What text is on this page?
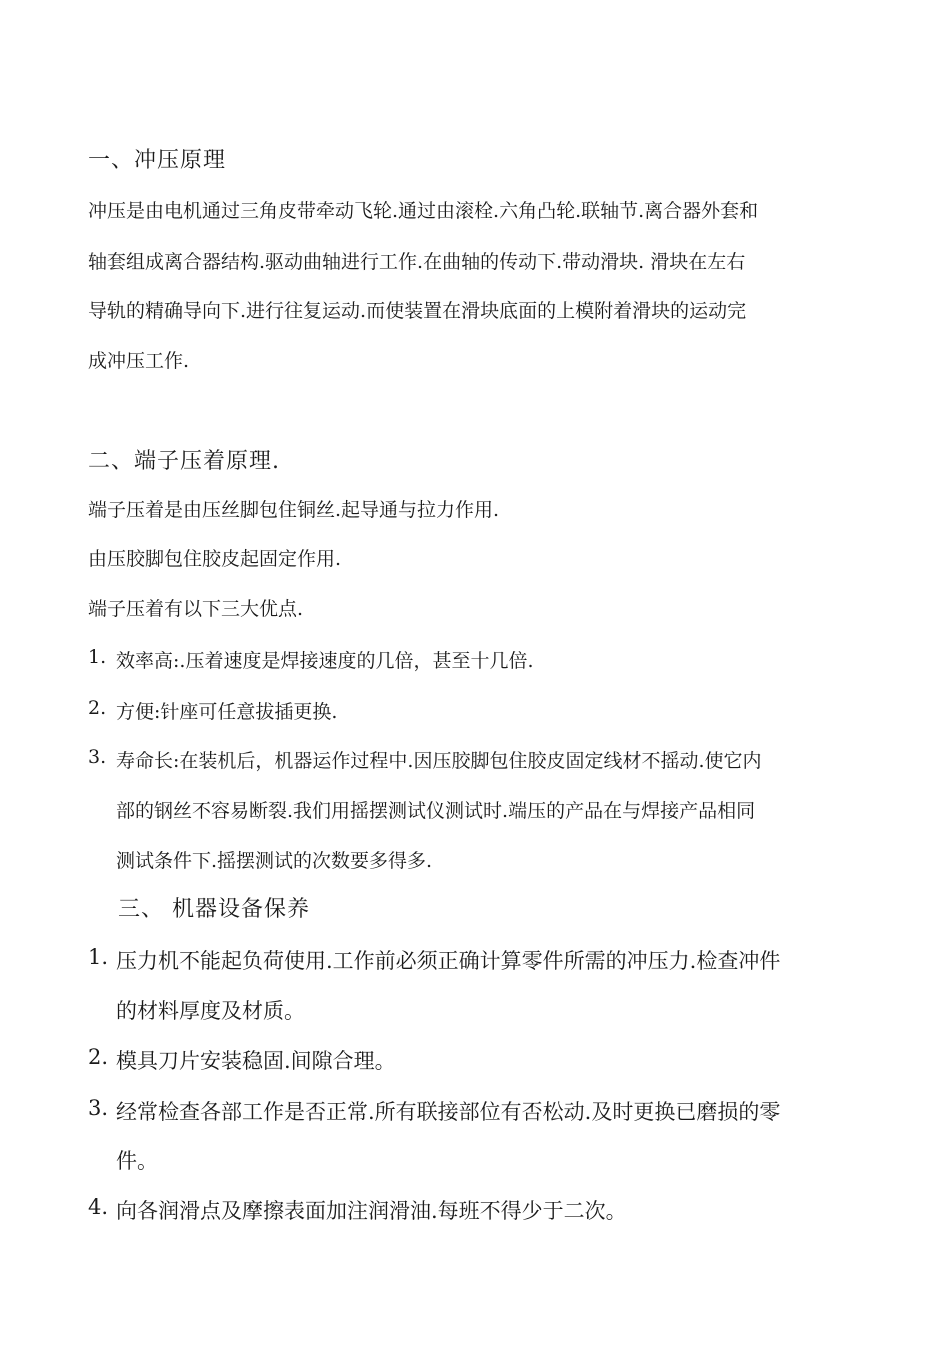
一、冲压原理
冲压是由电机通过三角皮带牵动飞轮.通过由滚栓.六角凸轮.联轴节.离合器外套和
轴套组成离合器结构.驱动曲轴进行工作.在曲轴的传动下.带动滑块. 滑块在左右
导轨的精确导向下.进行往复运动.而使装置在滑块底面的上模附着滑块的运动完
成冲压工作.
二、端子压着原理.
端子压着是由压丝脚包住铜丝.起导通与拉力作用.
由压胶脚包住胶皮起固定作用.
端子压着有以下三大优点.
1. 效率高:.压着速度是焊接速度的几倍，甚至十几倍.
2. 方便:针座可任意拔插更换.
3. 寿命长:在装机后，机器运作过程中.因压胶脚包住胶皮固定线材不摇动.使它内
部的钢丝不容易断裂.我们用摇摆测试仪测试时.端压的产品在与焊接产品相同
测试条件下.摇摆测试的次数要多得多.
三、 机器设备保养
1. 压力机不能起负荷使用.工作前必须正确计算零件所需的冲压力.检查冲件
的材料厚度及材质。
2. 模具刀片安装稳固.间隙合理。
3. 经常检查各部工作是否正常.所有联接部位有否松动.及时更换已磨损的零
件。
4. 向各润滑点及摩擦表面加注润滑油.每班不得少于二次。
